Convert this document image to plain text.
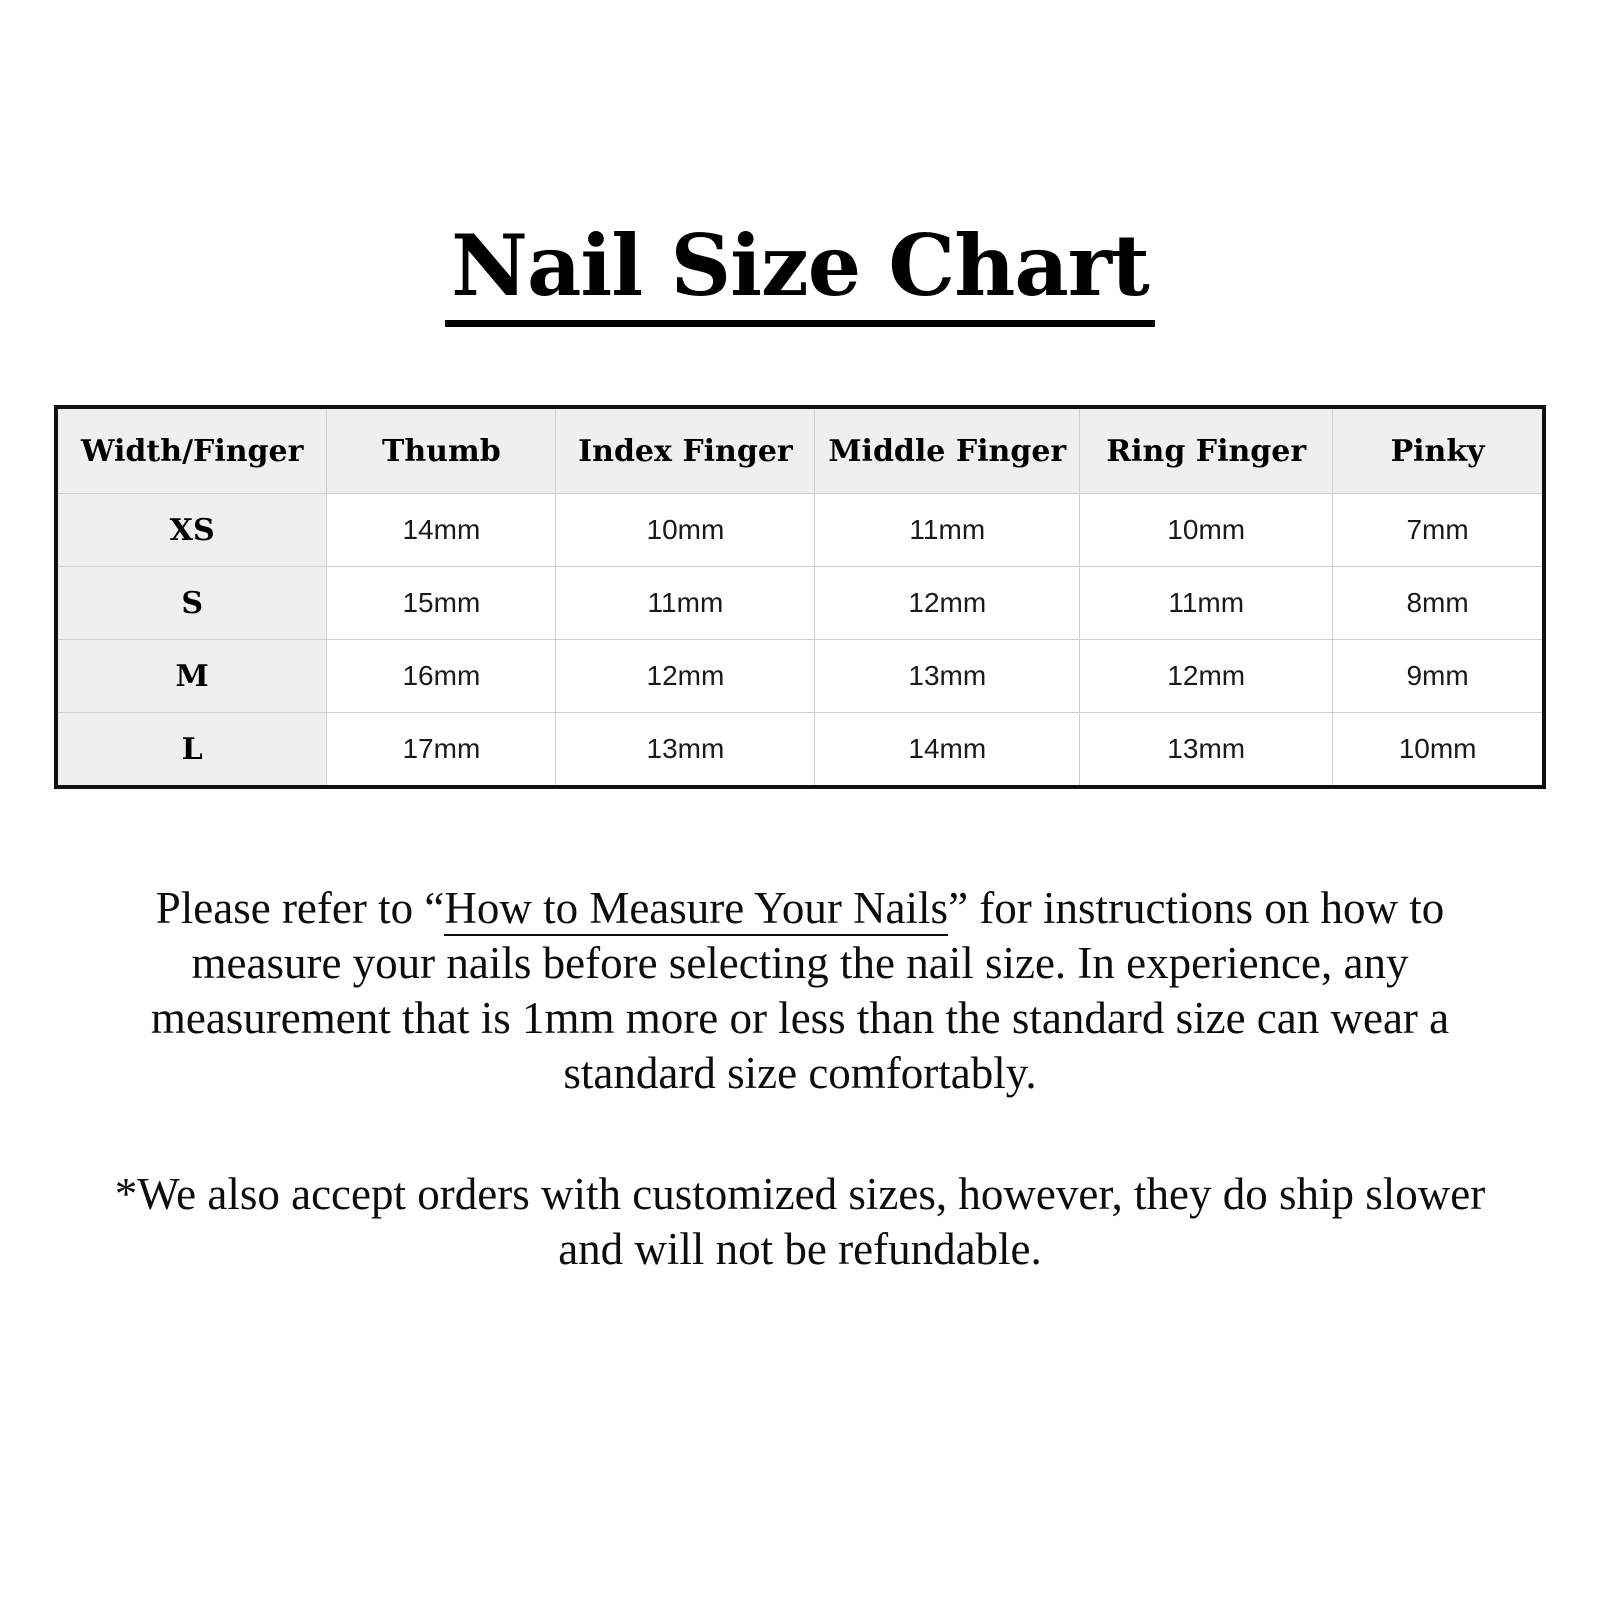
Nail Size Chart
Width/Finger	Thumb	Index Finger	Middle Finger	Ring Finger	Pinky
XS	14mm	10mm	11mm	10mm	7mm
S	15mm	11mm	12mm	11mm	8mm
M	16mm	12mm	13mm	12mm	9mm
L	17mm	13mm	14mm	13mm	10mm
Please refer to “How to Measure Your Nails” for instructions on how to measure your nails before selecting the nail size. In experience, any measurement that is 1mm more or less than the standard size can wear a standard size comfortably.
*We also accept orders with customized sizes, however, they do ship slower and will not be refundable.
